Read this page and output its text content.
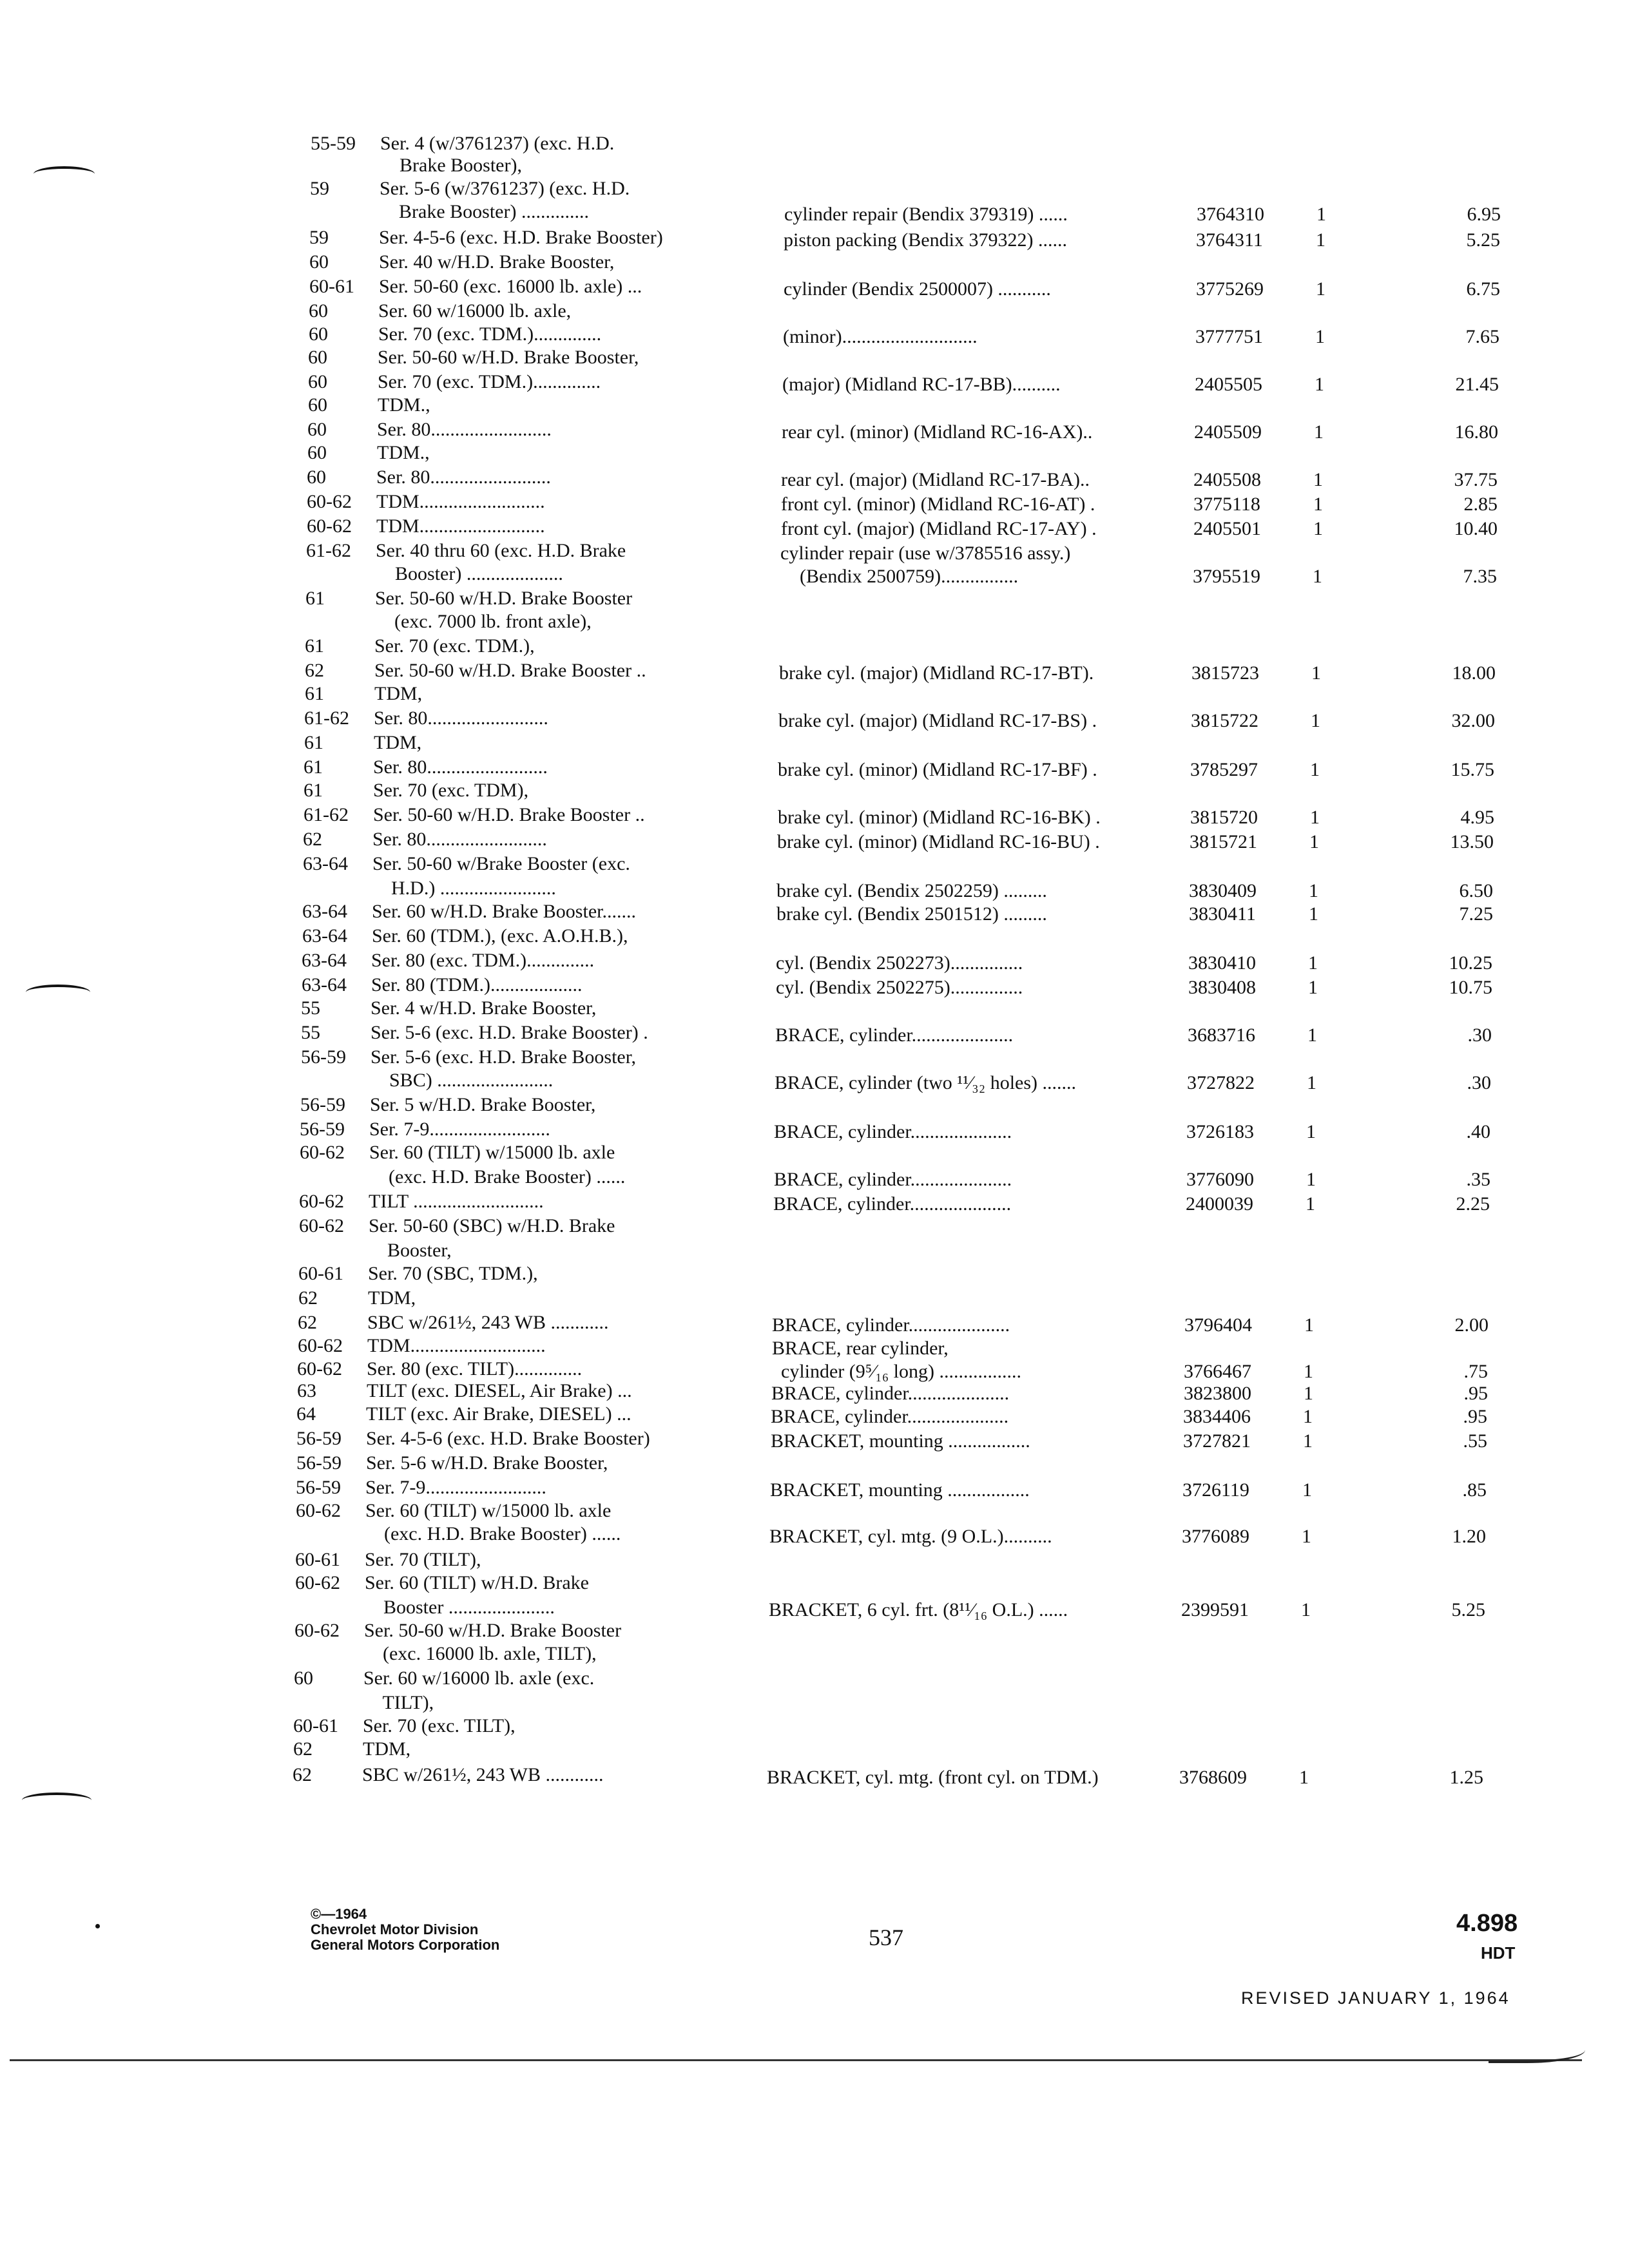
55-59 Ser. 4 (w/3761237) (exc. H.D.
Brake Booster),
59	Ser. 5-6 (w/3761237) (exc. H.D.
Brake Booster) ..............	cylinder repair (Bendix 379319) ......	3764310	1	6.95
59	Ser. 4-5-6 (exc. H.D. Brake Booster)	piston packing (Bendix 379322) ......	3764311	1	5.25
60	Ser. 40 w/H.D. Brake Booster,
60-61 Ser. 50-60 (exc. 16000 lb. axle) ...	cylinder (Bendix 2500007) ...........	3775269	1	6.75
60	Ser. 60 w/16000 lb. axle,
60	Ser. 70 (exc. TDM.)..............	(minor)............................	3777751	1	7.65
60	Ser. 50-60 w/H.D. Brake Booster,
60	Ser. 70 (exc. TDM.)..............	(major) (Midland RC-17-BB)..........	2405505	1	21.45
60	TDM.,
60	Ser. 80.........................	rear cyl. (minor) (Midland RC-16-AX)..	2405509	1	16.80
60	TDM.,
60	Ser. 80.........................	rear cyl. (major) (Midland RC-17-BA)..	2405508	1	37.75
60-62 TDM..........................	front cyl. (minor) (Midland RC-16-AT) .	3775118	1	2.85
60-62 TDM..........................	front cyl. (major) (Midland RC-17-AY) .	2405501	1	10.40
61-62 Ser. 40 thru 60 (exc. H.D. Brake	cylinder repair (use w/3785516 assy.)
Booster) ....................	(Bendix 2500759)................	3795519	1	7.35
61	Ser. 50-60 w/H.D. Brake Booster
(exc. 7000 lb. front axle),
61	Ser. 70 (exc. TDM.),
62	Ser. 50-60 w/H.D. Brake Booster ..	brake cyl. (major) (Midland RC-17-BT).	3815723	1	18.00
61	TDM,
61-62 Ser. 80.........................	brake cyl. (major) (Midland RC-17-BS) .	3815722	1	32.00
61	TDM,
61	Ser. 80.........................	brake cyl. (minor) (Midland RC-17-BF) .	3785297	1	15.75
61	Ser. 70 (exc. TDM),
61-62 Ser. 50-60 w/H.D. Brake Booster ..	brake cyl. (minor) (Midland RC-16-BK) .	3815720	1	4.95
62	Ser. 80.........................	brake cyl. (minor) (Midland RC-16-BU) .	3815721	1	13.50
63-64 Ser. 50-60 w/Brake Booster (exc.
H.D.) ........................	brake cyl. (Bendix 2502259) .........	3830409	1	6.50
63-64 Ser. 60 w/H.D. Brake Booster.......	brake cyl. (Bendix 2501512) .........	3830411	1	7.25
63-64 Ser. 60 (TDM.), (exc. A.O.H.B.),
63-64 Ser. 80 (exc. TDM.)..............	cyl. (Bendix 2502273)...............	3830410	1	10.25
63-64 Ser. 80 (TDM.)...................	cyl. (Bendix 2502275)...............	3830408	1	10.75
55	Ser. 4 w/H.D. Brake Booster,
55	Ser. 5-6 (exc. H.D. Brake Booster) .	BRACE, cylinder.....................	3683716	1	.30
56-59 Ser. 5-6 (exc. H.D. Brake Booster,
SBC) ........................	BRACE, cylinder (two ¹¹⁄₃₂ holes) .......	3727822	1	.30
56-59 Ser. 5 w/H.D. Brake Booster,
56-59 Ser. 7-9.........................	BRACE, cylinder.....................	3726183	1	.40
60-62 Ser. 60 (TILT) w/15000 lb. axle
(exc. H.D. Brake Booster) ......	BRACE, cylinder.....................	3776090	1	.35
60-62 TILT ...........................	BRACE, cylinder.....................	2400039	1	2.25
60-62 Ser. 50-60 (SBC) w/H.D. Brake
Booster,
60-61 Ser. 70 (SBC, TDM.),
62	TDM,
62	SBC w/261½, 243 WB ............	BRACE, cylinder.....................	3796404	1	2.00
60-62 TDM............................	BRACE, rear cylinder,
60-62 Ser. 80 (exc. TILT)..............	cylinder (9⁵⁄₁₆ long) .................	3766467	1	.75
63	TILT (exc. DIESEL, Air Brake) ...	BRACE, cylinder.....................	3823800	1	.95
64	TILT (exc. Air Brake, DIESEL) ...	BRACE, cylinder.....................	3834406	1	.95
56-59 Ser. 4-5-6 (exc. H.D. Brake Booster)	BRACKET, mounting .................	3727821	1	.55
56-59 Ser. 5-6 w/H.D. Brake Booster,
56-59 Ser. 7-9.........................	BRACKET, mounting .................	3726119	1	.85
60-62 Ser. 60 (TILT) w/15000 lb. axle
(exc. H.D. Brake Booster) ......	BRACKET, cyl. mtg. (9 O.L.)..........	3776089	1	1.20
60-61 Ser. 70 (TILT),
60-62 Ser. 60 (TILT) w/H.D. Brake
Booster ......................	BRACKET, 6 cyl. frt. (8¹¹⁄₁₆ O.L.) ......	2399591	1	5.25
60-62 Ser. 50-60 w/H.D. Brake Booster
(exc. 16000 lb. axle, TILT),
60	Ser. 60 w/16000 lb. axle (exc.
TILT),
60-61 Ser. 70 (exc. TILT),
62	TDM,
62	SBC w/261½, 243 WB ............	BRACKET, cyl. mtg. (front cyl. on TDM.)	3768609	1	1.25
©—1964
Chevrolet Motor Division
General Motors Corporation	537
4.898
HDT
REVISED JANUARY 1, 1964
